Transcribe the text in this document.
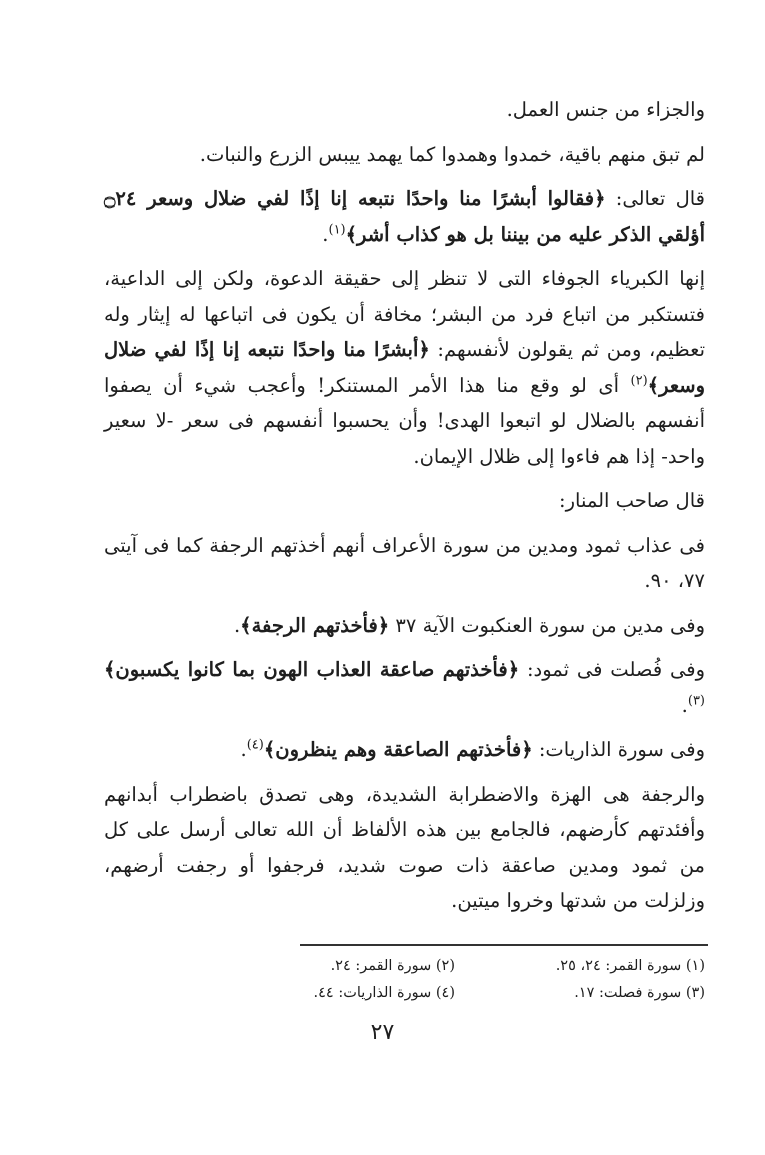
والجزاء من جنس العمل.

لم تبق منهم باقية، خمدوا وهمدوا كما يهمد ييبس الزرع والنبات.

قال تعالى: ﴿فقالوا أبشرًا منا واحدًا نتبعه إنا إذًا لفي ضلال وسعر ۝٢٤ أؤلقي الذكر عليه من بيننا بل هو كذاب أشر﴾$^{(١)}$.

إنها الكبرياء الجوفاء التى لا تنظر إلى حقيقة الدعوة، ولكن إلى الداعية، فتستكبر من اتباع فرد من البشر؛ مخافة أن يكون فى اتباعها له إيثار وله تعظيم، ومن ثم يقولون لأنفسهم: ﴿أبشرًا منا واحدًا نتبعه إنا إذًا لفي ضلال وسعر﴾$^{(٢)}$ أى لو وقع منا هذا الأمر المستنكر! وأعجب شيء أن يصفوا أنفسهم بالضلال لو اتبعوا الهدى! وأن يحسبوا أنفسهم فى سعر -لا سعير واحد- إذا هم فاءوا إلى ظلال الإيمان.

قال صاحب المنار:

فى عذاب ثمود ومدين من سورة الأعراف أنهم أخذتهم الرجفة كما فى آيتى ٧٧، ٩٠.

وفى مدين من سورة العنكبوت الآية ٣٧ ﴿فأخذتهم الرجفة﴾.

وفى فُصلت فى ثمود: ﴿فأخذتهم صاعقة العذاب الهون بما كانوا يكسبون﴾$^{(٣)}$.

وفى سورة الذاريات: ﴿فأخذتهم الصاعقة وهم ينظرون﴾$^{(٤)}$.

والرجفة هى الهزة والاضطرابة الشديدة، وهى تصدق باضطراب أبدانهم وأفئدتهم كأرضهم، فالجامع بين هذه الألفاظ أن الله تعالى أرسل على كل من ثمود ومدين صاعقة ذات صوت شديد، فرجفوا أو رجفت أرضهم، وزلزلت من شدتها وخروا ميتين.

(١) سورة القمر: ٢٤، ٢٥.
(٢) سورة القمر: ٢٤.
(٣) سورة فصلت: ١٧.
(٤) سورة الذاريات: ٤٤.
٢٧
